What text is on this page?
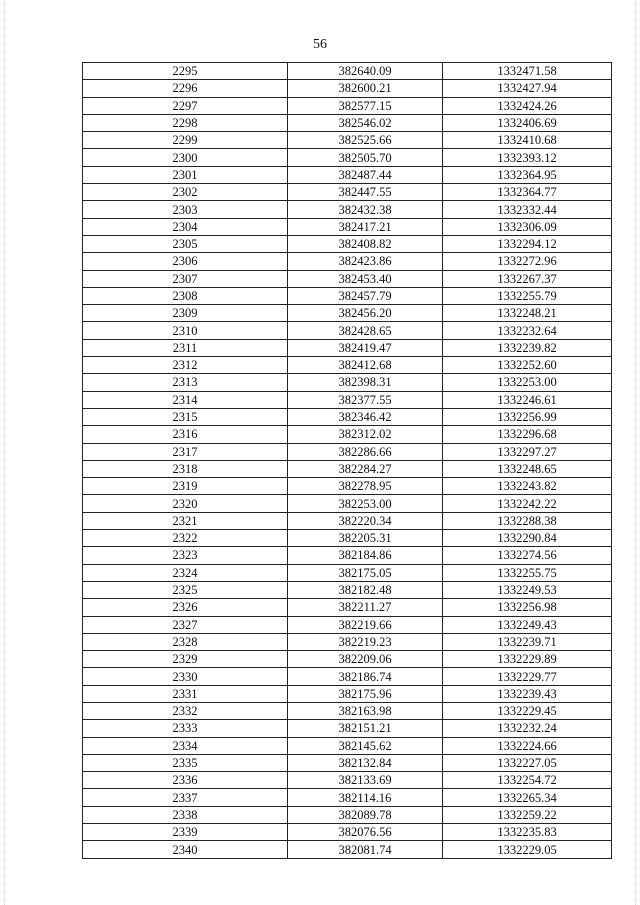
56
2295	382640.09	1332471.58
2296	382600.21	1332427.94
2297	382577.15	1332424.26
2298	382546.02	1332406.69
2299	382525.66	1332410.68
2300	382505.70	1332393.12
2301	382487.44	1332364.95
2302	382447.55	1332364.77
2303	382432.38	1332332.44
2304	382417.21	1332306.09
2305	382408.82	1332294.12
2306	382423.86	1332272.96
2307	382453.40	1332267.37
2308	382457.79	1332255.79
2309	382456.20	1332248.21
2310	382428.65	1332232.64
2311	382419.47	1332239.82
2312	382412.68	1332252.60
2313	382398.31	1332253.00
2314	382377.55	1332246.61
2315	382346.42	1332256.99
2316	382312.02	1332296.68
2317	382286.66	1332297.27
2318	382284.27	1332248.65
2319	382278.95	1332243.82
2320	382253.00	1332242.22
2321	382220.34	1332288.38
2322	382205.31	1332290.84
2323	382184.86	1332274.56
2324	382175.05	1332255.75
2325	382182.48	1332249.53
2326	382211.27	1332256.98
2327	382219.66	1332249.43
2328	382219.23	1332239.71
2329	382209.06	1332229.89
2330	382186.74	1332229.77
2331	382175.96	1332239.43
2332	382163.98	1332229.45
2333	382151.21	1332232.24
2334	382145.62	1332224.66
2335	382132.84	1332227.05
2336	382133.69	1332254.72
2337	382114.16	1332265.34
2338	382089.78	1332259.22
2339	382076.56	1332235.83
2340	382081.74	1332229.05
